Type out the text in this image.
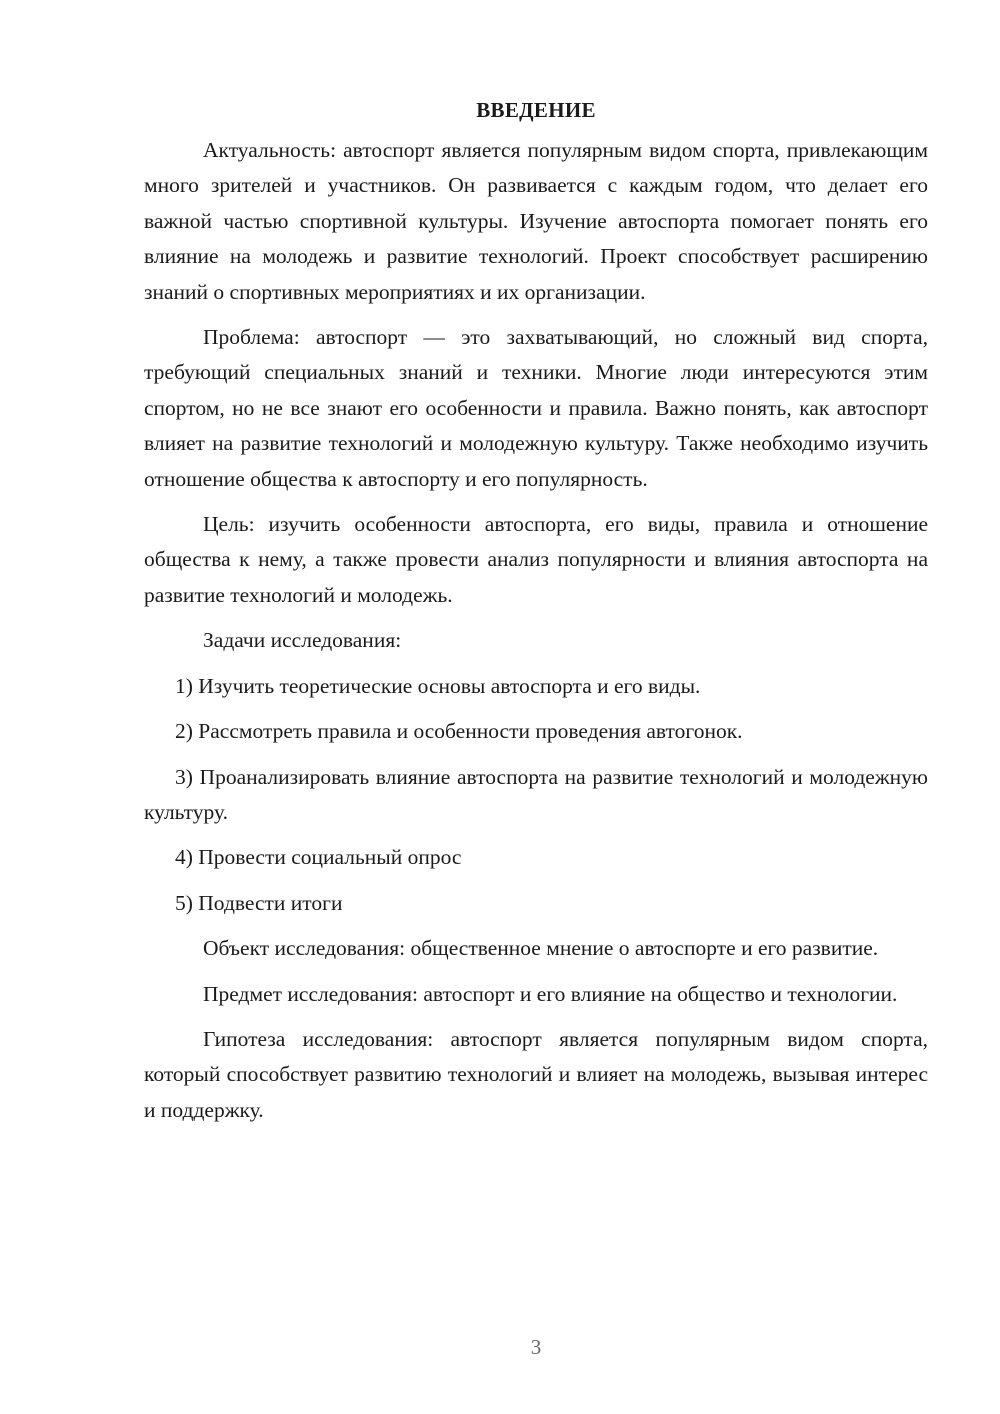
ВВЕДЕНИЕ

Актуальность: автоспорт является популярным видом спорта, привлекающим много зрителей и участников. Он развивается с каждым годом, что делает его важной частью спортивной культуры. Изучение автоспорта помогает понять его влияние на молодежь и развитие технологий. Проект способствует расширению знаний о спортивных мероприятиях и их организации.

Проблема: автоспорт — это захватывающий, но сложный вид спорта, требующий специальных знаний и техники. Многие люди интересуются этим спортом, но не все знают его особенности и правила. Важно понять, как автоспорт влияет на развитие технологий и молодежную культуру. Также необходимо изучить отношение общества к автоспорту и его популярность.

Цель: изучить особенности автоспорта, его виды, правила и отношение общества к нему, а также провести анализ популярности и влияния автоспорта на развитие технологий и молодежь.

Задачи исследования:

1) Изучить теоретические основы автоспорта и его виды.

2) Рассмотреть правила и особенности проведения автогонок.

3) Проанализировать влияние автоспорта на развитие технологий и молодежную культуру.

4) Провести социальный опрос

5) Подвести итоги

Объект исследования: общественное мнение о автоспорте и его развитие.

Предмет исследования: автоспорт и его влияние на общество и технологии.

Гипотеза исследования: автоспорт является популярным видом спорта, который способствует развитию технологий и влияет на молодежь, вызывая интерес и поддержку.

3
